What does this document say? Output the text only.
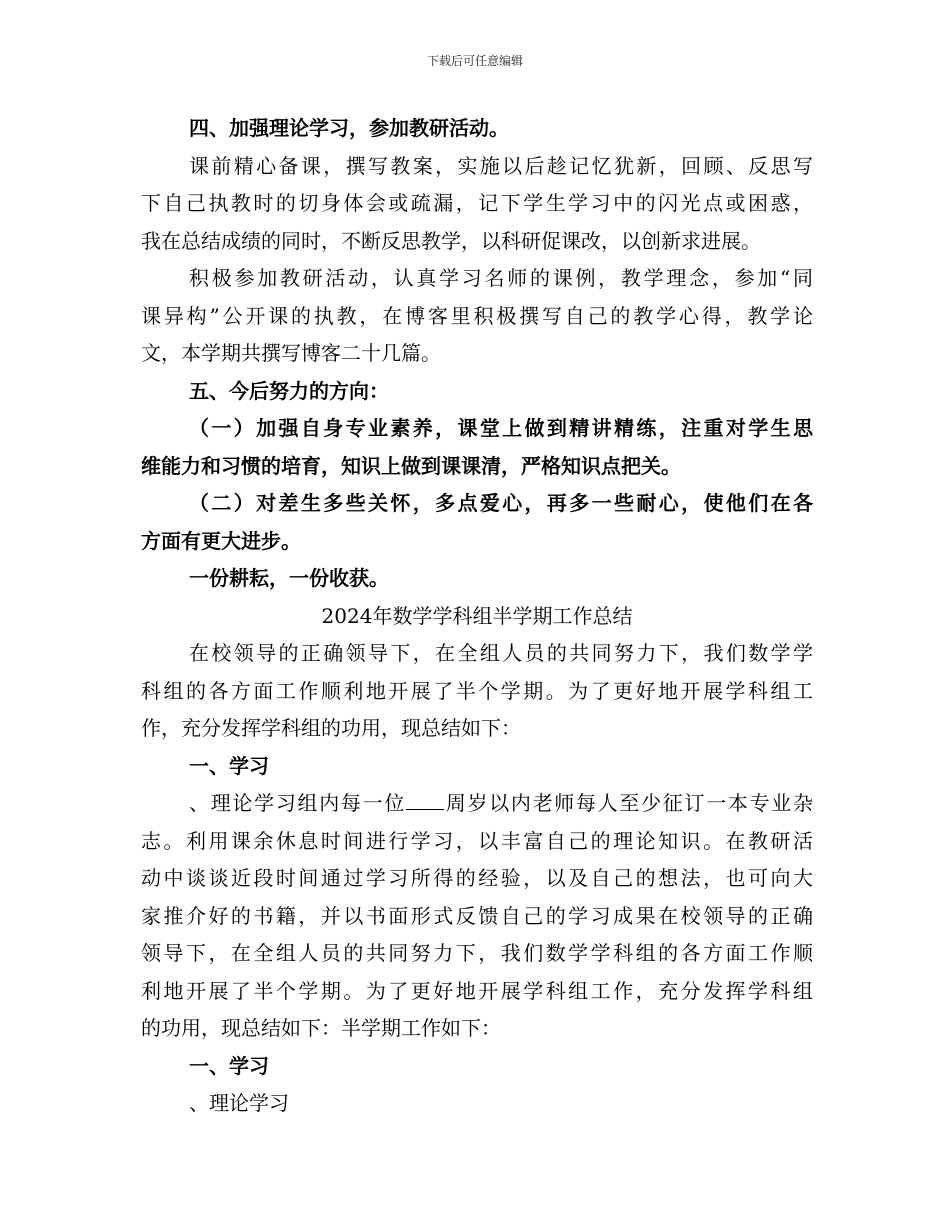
下载后可任意编辑
四、加强理论学习，参加教研活动。
课前精心备课，撰写教案，实施以后趁记忆犹新，回顾、反思写
下自己执教时的切身体会或疏漏，记下学生学习中的闪光点或困惑，
我在总结成绩的同时，不断反思教学，以科研促课改，以创新求进展。
积极参加教研活动，认真学习名师的课例，教学理念，参加“同
课异构”公开课的执教，在博客里积极撰写自己的教学心得，教学论
文，本学期共撰写博客二十几篇。
五、今后努力的方向：
（一）加强自身专业素养，课堂上做到精讲精练，注重对学生思
维能力和习惯的培育，知识上做到课课清，严格知识点把关。
（二）对差生多些关怀，多点爱心，再多一些耐心，使他们在各
方面有更大进步。
一份耕耘，一份收获。
2024年数学学科组半学期工作总结
在校领导的正确领导下，在全组人员的共同努力下，我们数学学
科组的各方面工作顺利地开展了半个学期。为了更好地开展学科组工
作，充分发挥学科组的功用，现总结如下：
一、学习
、理论学习组内每一位 周岁以内老师每人至少征订一本专业杂
志。利用课余休息时间进行学习，以丰富自己的理论知识。在教研活
动中谈谈近段时间通过学习所得的经验，以及自己的想法，也可向大
家推介好的书籍，并以书面形式反馈自己的学习成果在校领导的正确
领导下，在全组人员的共同努力下，我们数学学科组的各方面工作顺
利地开展了半个学期。为了更好地开展学科组工作，充分发挥学科组
的功用，现总结如下：半学期工作如下：
一、学习
、理论学习
